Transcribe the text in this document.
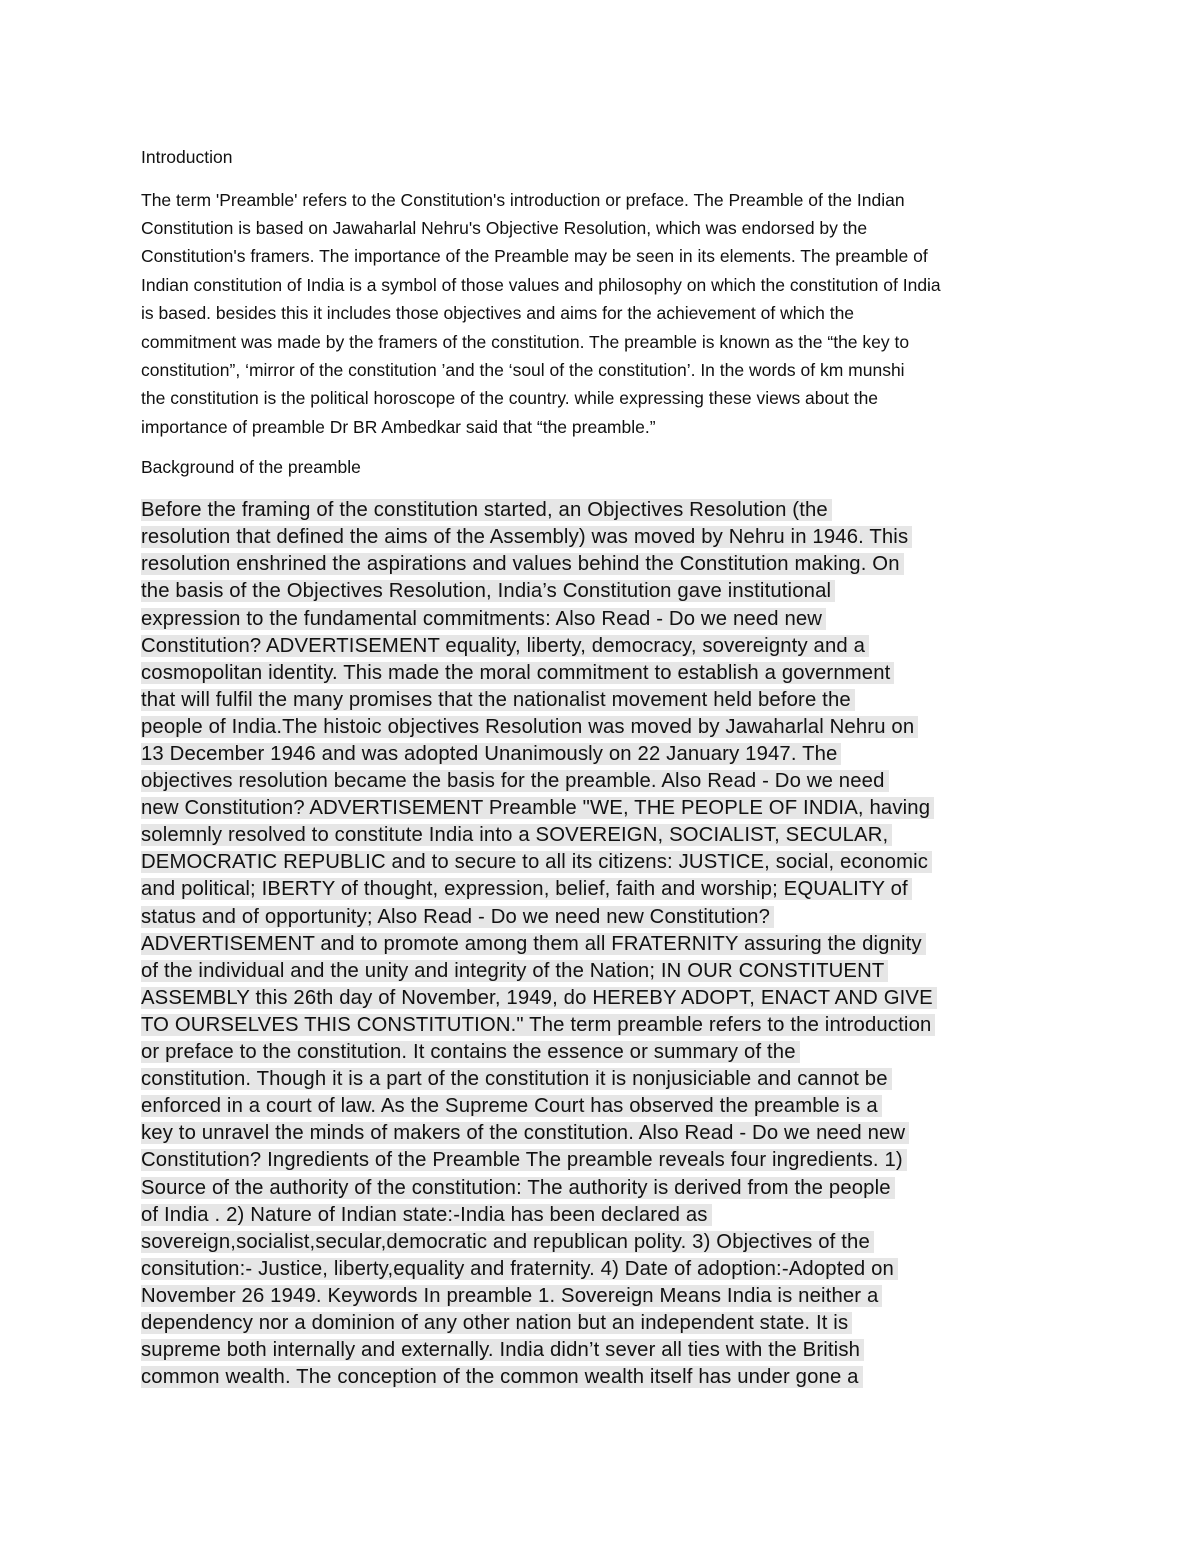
Introduction
The term 'Preamble' refers to the Constitution's introduction or preface. The Preamble of the Indian
Constitution is based on Jawaharlal Nehru's Objective Resolution, which was endorsed by the
Constitution's framers. The importance of the Preamble may be seen in its elements. The preamble of
Indian constitution of India is a symbol of those values and philosophy on which the constitution of India
is based. besides this it includes those objectives and aims for the achievement of which the
commitment was made by the framers of the constitution. The preamble is known as the “the key to
constitution”, ‘mirror of the constitution ’and the ‘soul of the constitution’. In the words of km munshi
the constitution is the political horoscope of the country. while expressing these views about the
importance of preamble Dr BR Ambedkar said that “the preamble.”
Background of the preamble
Before the framing of the constitution started, an Objectives Resolution (the
resolution that defined the aims of the Assembly) was moved by Nehru in 1946. This
resolution enshrined the aspirations and values behind the Constitution making. On
the basis of the Objectives Resolution, India’s Constitution gave institutional
expression to the fundamental commitments: Also Read - Do we need new
Constitution? ADVERTISEMENT equality, liberty, democracy, sovereignty and a
cosmopolitan identity. This made the moral commitment to establish a government
that will fulfil the many promises that the nationalist movement held before the
people of India.The histoic objectives Resolution was moved by Jawaharlal Nehru on
13 December 1946 and was adopted Unanimously on 22 January 1947. The
objectives resolution became the basis for the preamble. Also Read - Do we need
new Constitution? ADVERTISEMENT Preamble "WE, THE PEOPLE OF INDIA, having
solemnly resolved to constitute India into a SOVEREIGN, SOCIALIST, SECULAR,
DEMOCRATIC REPUBLIC and to secure to all its citizens: JUSTICE, social, economic
and political; IBERTY of thought, expression, belief, faith and worship; EQUALITY of
status and of opportunity; Also Read - Do we need new Constitution?
ADVERTISEMENT and to promote among them all FRATERNITY assuring the dignity
of the individual and the unity and integrity of the Nation; IN OUR CONSTITUENT
ASSEMBLY this 26th day of November, 1949, do HEREBY ADOPT, ENACT AND GIVE
TO OURSELVES THIS CONSTITUTION." The term preamble refers to the introduction
or preface to the constitution. It contains the essence or summary of the
constitution. Though it is a part of the constitution it is nonjusiciable and cannot be
enforced in a court of law. As the Supreme Court has observed the preamble is a
key to unravel the minds of makers of the constitution. Also Read - Do we need new
Constitution? Ingredients of the Preamble The preamble reveals four ingredients. 1)
Source of the authority of the constitution: The authority is derived from the people
of India . 2) Nature of Indian state:-India has been declared as
sovereign,socialist,secular,democratic and republican polity. 3) Objectives of the
consitution:- Justice, liberty,equality and fraternity. 4) Date of adoption:-Adopted on
November 26 1949. Keywords In preamble 1. Sovereign Means India is neither a
dependency nor a dominion of any other nation but an independent state. It is
supreme both internally and externally. India didn’t sever all ties with the British
common wealth. The conception of the common wealth itself has under gone a
